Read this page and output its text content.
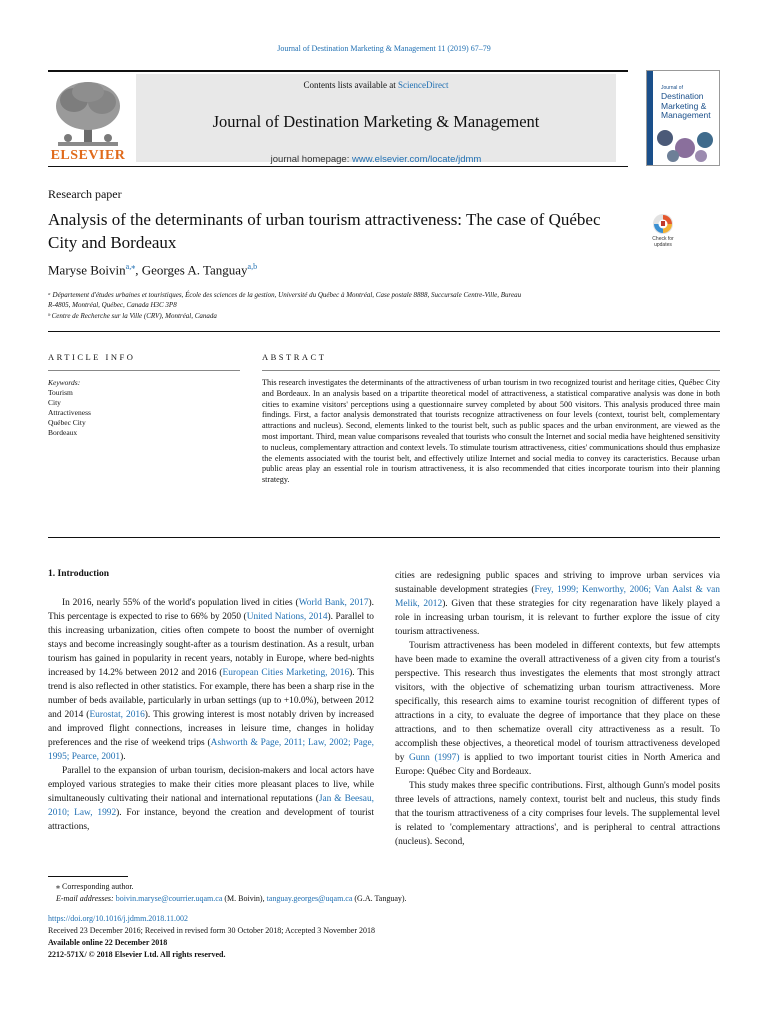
Journal of Destination Marketing & Management 11 (2019) 67–79
ELSEVIER
Contents lists available at ScienceDirect
Journal of Destination Marketing & Management
journal homepage: www.elsevier.com/locate/jdmm
Journal of
Destination
Marketing &
Management
Research paper
Analysis of the determinants of urban tourism attractiveness: The case of Québec City and Bordeaux	Check for updates
Maryse Boivin$^{a,⁎}$, Georges A. Tanguay$^{a,b}$
ᵃ Département d'études urbaines et touristiques, École des sciences de la gestion, Université du Québec à Montréal, Case postale 8888, Succursale Centre-Ville, Bureau
R-4805, Montréal, Québec, Canada H3C 3P8
ᵇ Centre de Recherche sur la Ville (CRV), Montréal, Canada
ARTICLE INFO	ABSTRACT
Keywords:
Tourism
City
Attractiveness
Québec City
Bordeaux
This research investigates the determinants of the attractiveness of urban tourism in two recognized tourist and heritage cities, Québec City and Bordeaux. In an analysis based on a tripartite theoretical model of attractiveness, a statistical comparative analysis was done in both cities to examine visitors' perceptions using a questionnaire survey completed by about 500 visitors. This analysis produced three main findings. First, a factor analysis demonstrated that tourists recognize attractiveness on four levels (context, tourist belt, complementary attractions and nucleus). Second, elements linked to the tourist belt, such as public spaces and the urban environment, are viewed as the most important. Third, mean value comparisons revealed that tourists who consult the Internet and social media have heightened sensitivity to nucleus, complementary attraction and context levels. To stimulate tourism attractiveness, cities' communications should thus emphasize the elements associated with the tourist belt, and effectively utilize Internet and social media to convey its caracteristics. Because urban public areas play an essential role in tourism attractiveness, it is also recommended that cities incorporate tourism into their planning strategy.
1. Introduction

In 2016, nearly 55% of the world's population lived in cities (World Bank, 2017). This percentage is expected to rise to 66% by 2050 (United Nations, 2014). Parallel to this increasing urbanization, cities often compete to boost the number of overnight stays and become increasingly sought-after as a tourism destination. As a result, urban tourism has gained in popularity in recent years, notably in Europe, where bed-nights increased by 14.2% between 2012 and 2016 (European Cities Marketing, 2016). This trend is also reflected in other statistics. For example, there has been a sharp rise in the number of beds available, particularly in urban settings (up to +10.0%), between 2012 and 2014 (Eurostat, 2016). This growing interest is most notably driven by increased and improved flight connections, increases in leisure time, changes in holiday preferences and the rise of weekend trips (Ashworth & Page, 2011; Law, 2002; Page, 1995; Pearce, 2001).

Parallel to the expansion of urban tourism, decision-makers and local actors have employed various strategies to make their cities more pleasant places to live, while simultaneously cultivating their national and international reputations (Jan & Beesau, 2010; Law, 1992). For instance, beyond the creation and development of tourist attractions,

cities are redesigning public spaces and striving to improve urban services via sustainable development strategies (Frey, 1999; Kenworthy, 2006; Van Aalst & van Melik, 2012). Given that these strategies for city regenaration have likely played a role in increasing urban tourism, it is relevant to further explore the issue of city tourism attractiveness.

Tourism attractiveness has been modeled in different contexts, but few attempts have been made to examine the overall attractiveness of a given city from a tourist's perspective. This research thus investigates the elements that most strongly attract visitors, with the objective of schematizing urban tourism attractiveness. More specifically, this research aims to examine tourist recognition of different types of attractions in a city, to evaluate the degree of importance that they place on these attractions, and to then schematize overall city attractiveness as a result. To accomplish these objectives, a theoretical model of tourism attractiveness developed by Gunn (1997) is applied to two important tourist cities in North America and Europe: Québec City and Bordeaux.

This study makes three specific contributions. First, although Gunn's model posits three levels of attractions, namely context, tourist belt and nucleus, this study finds that the tourism attractiveness of a city comprises four levels. The supplemental level is related to 'complementary attractions', and is peripheral to central attractions (nucleus). Second,

⁎ Corresponding author.
E-mail addresses: boivin.maryse@courrier.uqam.ca (M. Boivin), tanguay.georges@uqam.ca (G.A. Tanguay).
https://doi.org/10.1016/j.jdmm.2018.11.002
Received 23 December 2016; Received in revised form 30 October 2018; Accepted 3 November 2018
Available online 22 December 2018
2212-571X/ © 2018 Elsevier Ltd. All rights reserved.
